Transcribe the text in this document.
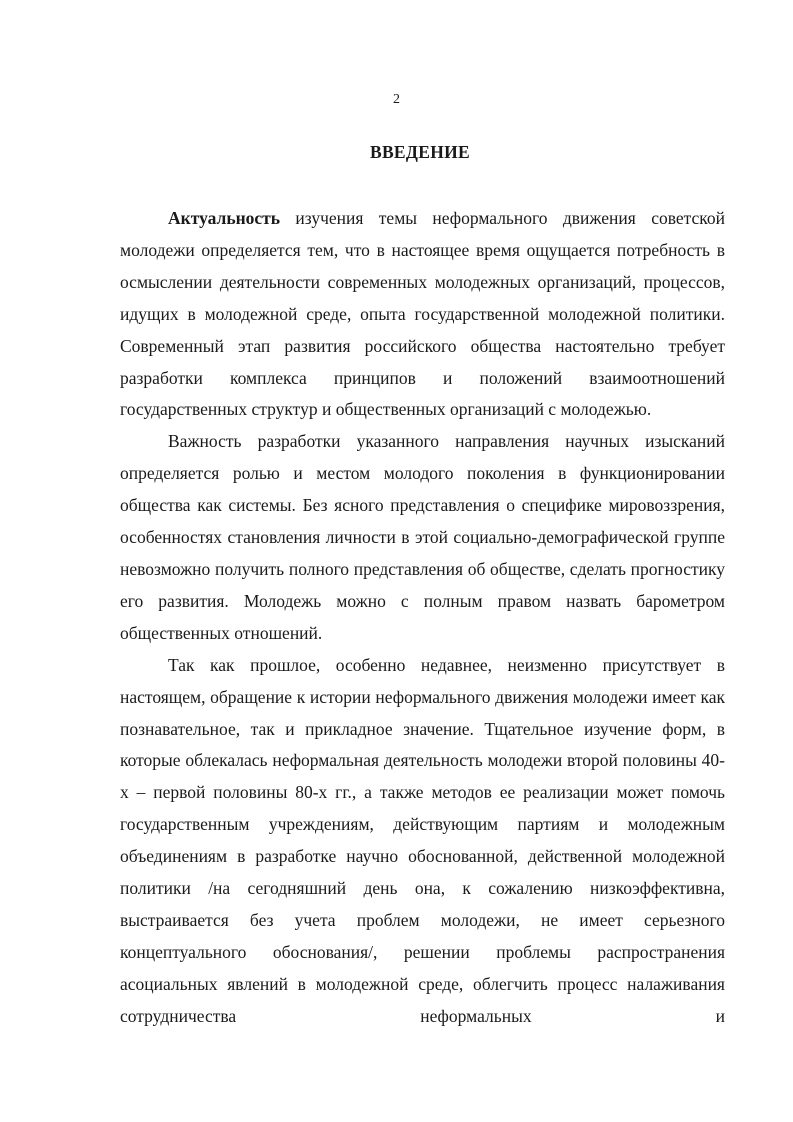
2
ВВЕДЕНИЕ

Актуальность изучения темы неформального движения советской молодежи определяется тем, что в настоящее время ощущается потребность в осмыслении деятельности современных молодежных организаций, процессов, идущих в молодежной среде, опыта государственной молодежной политики. Современный этап развития российского общества настоятельно требует разработки комплекса принципов и положений взаимоотношений государственных структур и общественных организаций с молодежью.

Важность разработки указанного направления научных изысканий определяется ролью и местом молодого поколения в функционировании общества как системы. Без ясного представления о специфике мировоззрения, особенностях становления личности в этой социально-демографической группе невозможно получить полного представления об обществе, сделать прогностику его развития. Молодежь можно с полным правом назвать барометром общественных отношений.

Так как прошлое, особенно недавнее, неизменно присутствует в настоящем, обращение к истории неформального движения молодежи имеет как познавательное, так и прикладное значение. Тщательное изучение форм, в которые облекалась неформальная деятельность молодежи второй половины 40-х – первой половины 80-х гг., а также методов ее реализации может помочь государственным учреждениям, действующим партиям и молодежным объединениям в разработке научно обоснованной, действенной молодежной политики /на сегодняшний день она, к сожалению низкоэффективна, выстраивается без учета проблем молодежи, не имеет серьезного концептуального обоснования/, решении проблемы распространения асоциальных явлений в молодежной среде, облегчить процесс налаживания сотрудничества неформальных и
